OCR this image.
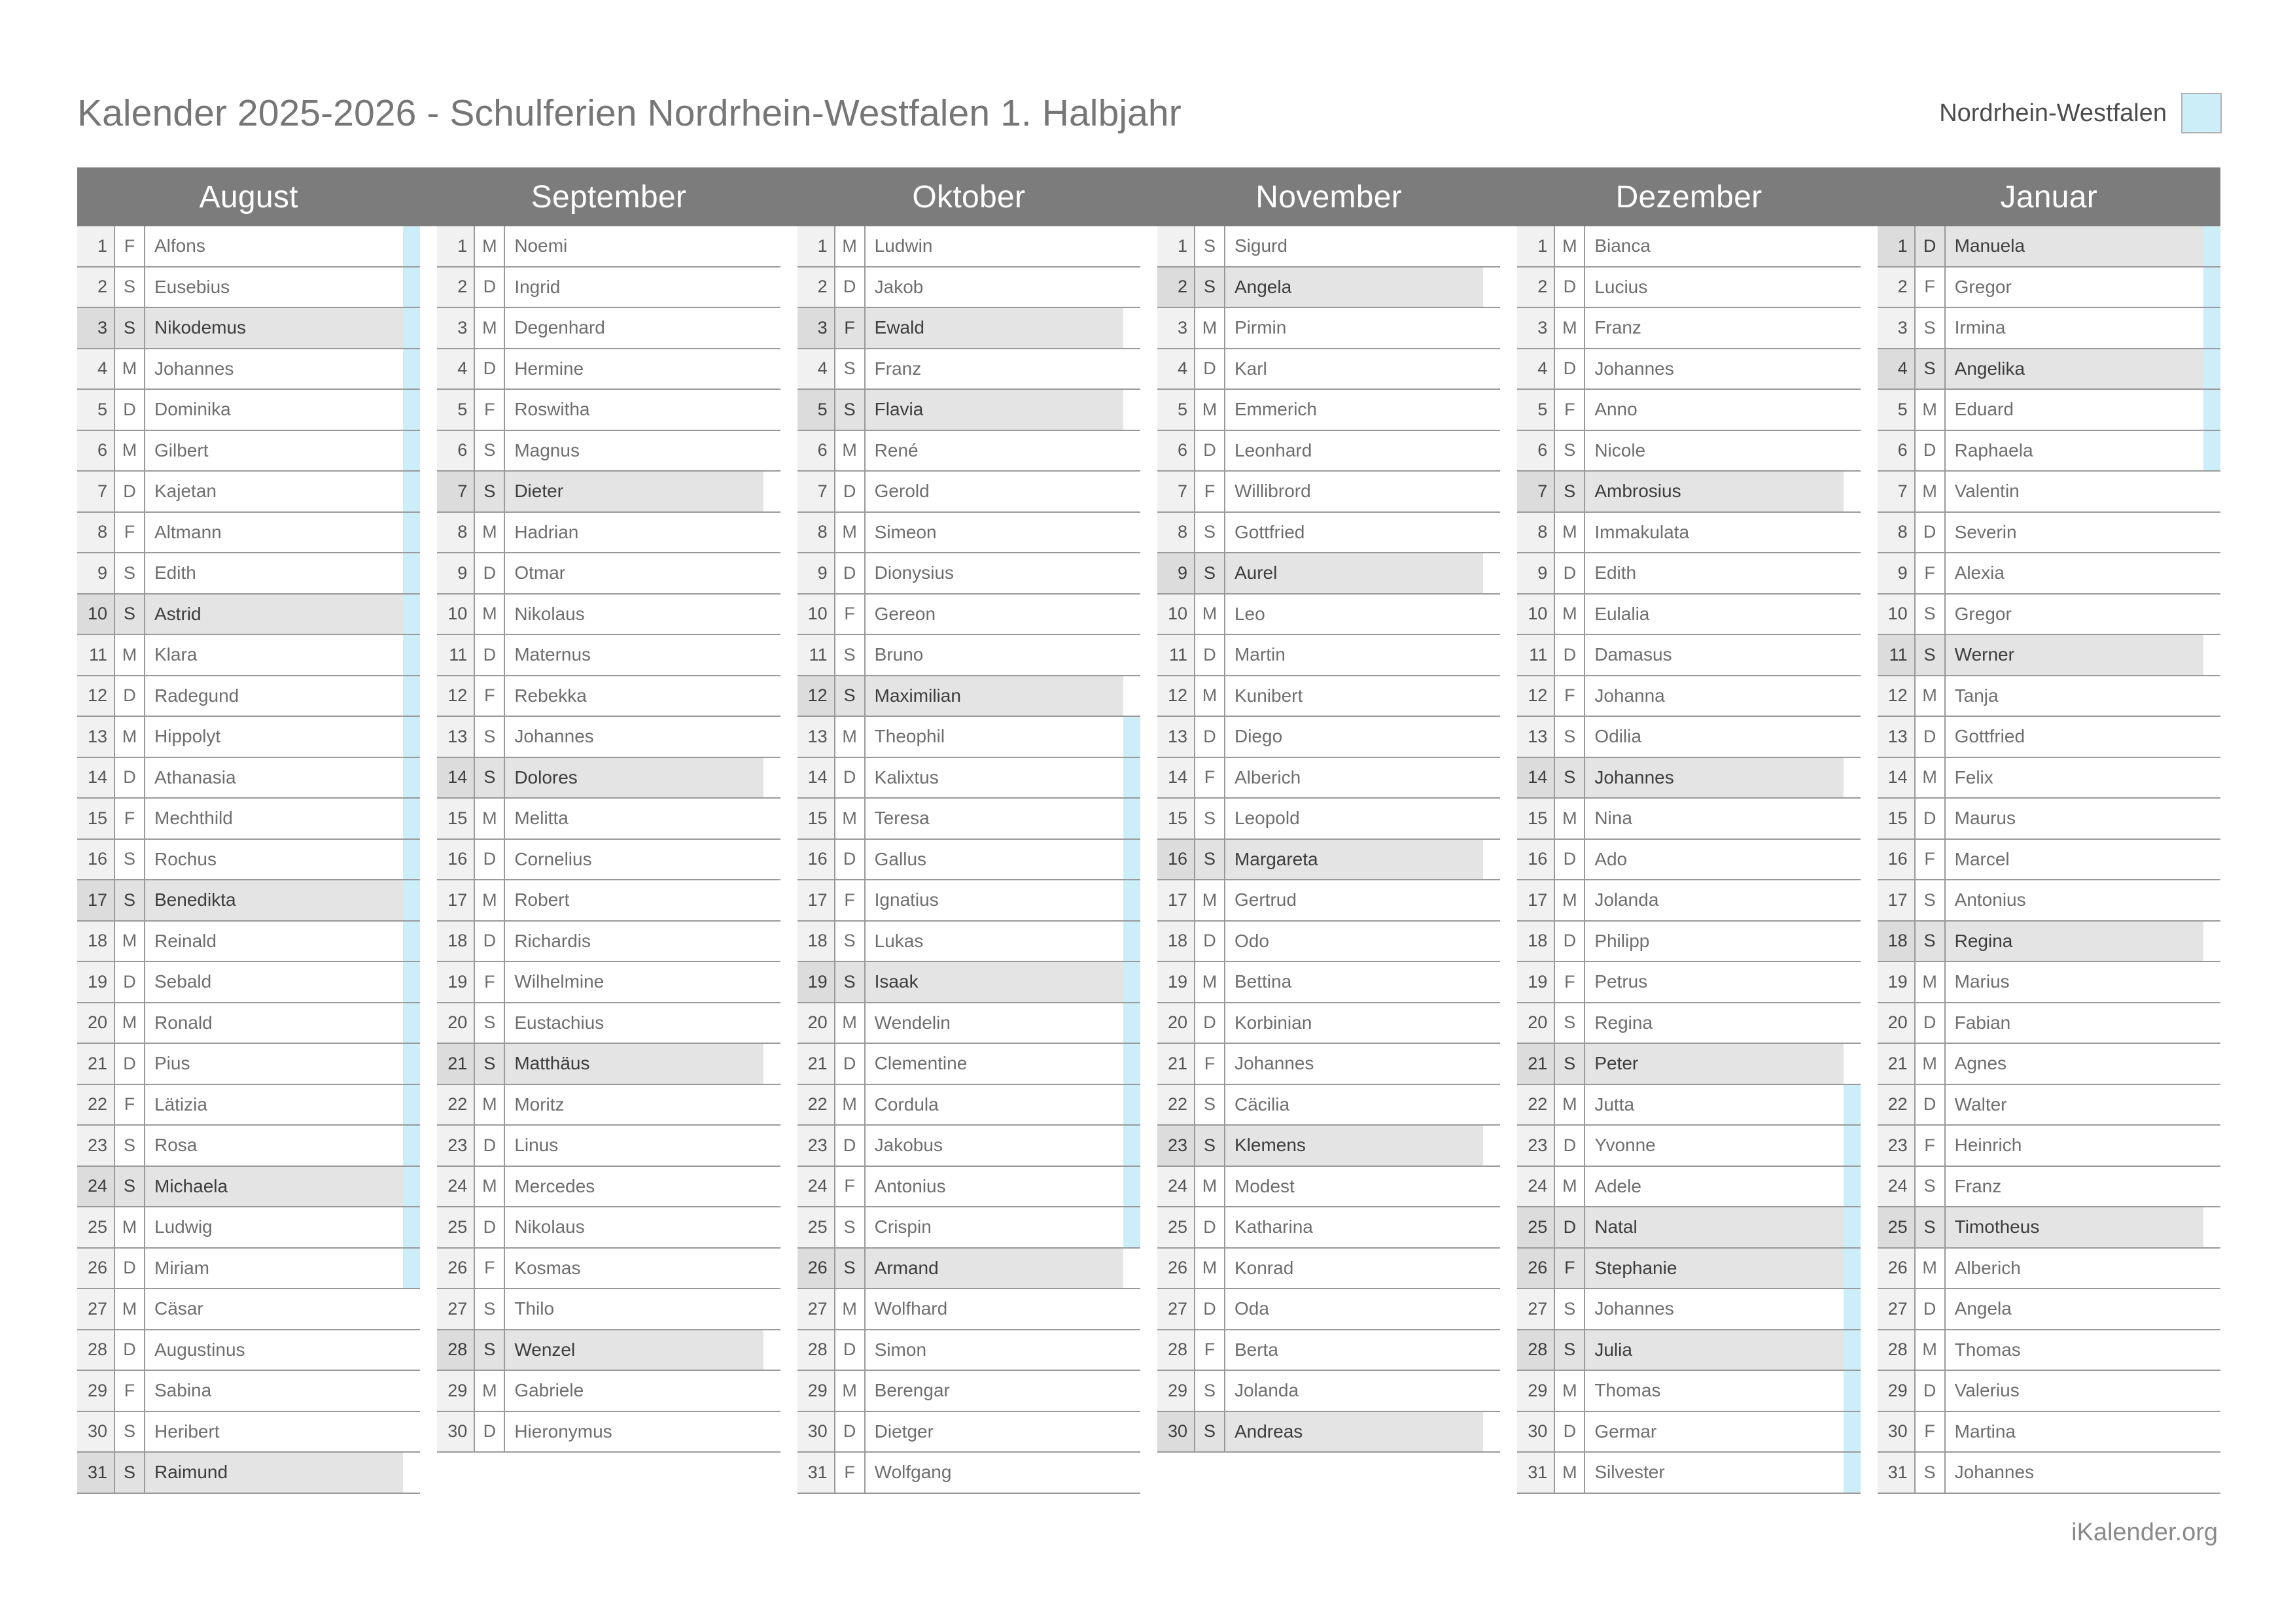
Kalender 2025-2026 - Schulferien Nordrhein-Westfalen 1. Halbjahr	Nordrhein-Westfalen
August
1 F	Alfons
2 S	Eusebius
3 S	Nikodemus
4 M Johannes
5 D	Dominika
6 M Gilbert
7 D	Kajetan
8 F	Altmann
9 S	Edith
10 S	Astrid
11 M Klara
12 D	Radegund
13 M Hippolyt
14 D	Athanasia
15 F	Mechthild
16 S	Rochus
17 S	Benedikta
18 M Reinald
19 D	Sebald
20 M Ronald
21 D	Pius
22 F	Lätizia
23 S	Rosa
24 S	Michaela
25 M Ludwig
26 D	Miriam
27 M Cäsar
28 D	Augustinus
29 F	Sabina
30 S	Heribert
31 S	Raimund
September
1 M Noemi
2 D	Ingrid
3 M Degenhard
4 D	Hermine
5 F	Roswitha
6 S	Magnus
7 S	Dieter
8 M Hadrian
9 D	Otmar
10 M Nikolaus
11 D	Maternus
12 F	Rebekka
13 S	Johannes
14 S	Dolores
15 M Melitta
16 D	Cornelius
17 M Robert
18 D	Richardis
19 F	Wilhelmine
20 S	Eustachius
21 S	Matthäus
22 M Moritz
23 D	Linus
24 M Mercedes
25 D	Nikolaus
26 F	Kosmas
27 S	Thilo
28 S	Wenzel
29 M Gabriele
30 D	Hieronymus
Oktober
1 M Ludwin
2 D	Jakob
3 F	Ewald
4 S	Franz
5 S	Flavia
6 M René
7 D	Gerold
8 M Simeon
9 D	Dionysius
10 F	Gereon
11 S	Bruno
12 S	Maximilian
13 M Theophil
14 D	Kalixtus
15 M Teresa
16 D	Gallus
17 F	Ignatius
18 S	Lukas
19 S	Isaak
20 M Wendelin
21 D	Clementine
22 M Cordula
23 D	Jakobus
24 F	Antonius
25 S	Crispin
26 S	Armand
27 M Wolfhard
28 D	Simon
29 M Berengar
30 D	Dietger
31 F	Wolfgang
November
1 S	Sigurd
2 S	Angela
3 M Pirmin
4 D	Karl
5 M Emmerich
6 D	Leonhard
7 F	Willibrord
8 S	Gottfried
9 S	Aurel
10 M Leo
11 D	Martin
12 M Kunibert
13 D	Diego
14 F	Alberich
15 S	Leopold
16 S	Margareta
17 M Gertrud
18 D	Odo
19 M Bettina
20 D	Korbinian
21 F	Johannes
22 S	Cäcilia
23 S	Klemens
24 M Modest
25 D	Katharina
26 M Konrad
27 D	Oda
28 F	Berta
29 S	Jolanda
30 S	Andreas
Dezember
1 M Bianca
2 D	Lucius
3 M Franz
4 D	Johannes
5 F	Anno
6 S	Nicole
7 S	Ambrosius
8 M Immakulata
9 D	Edith
10 M Eulalia
11 D	Damasus
12 F	Johanna
13 S	Odilia
14 S	Johannes
15 M Nina
16 D	Ado
17 M Jolanda
18 D	Philipp
19 F	Petrus
20 S	Regina
21 S	Peter
22 M Jutta
23 D	Yvonne
24 M Adele
25 D	Natal
26 F	Stephanie
27 S	Johannes
28 S	Julia
29 M Thomas
30 D	Germar
31 M Silvester
Januar
1 D	Manuela
2 F	Gregor
3 S	Irmina
4 S	Angelika
5 M Eduard
6 D	Raphaela
7 M Valentin
8 D	Severin
9 F	Alexia
10 S	Gregor
11 S	Werner
12 M Tanja
13 D	Gottfried
14 M Felix
15 D	Maurus
16 F	Marcel
17 S	Antonius
18 S	Regina
19 M Marius
20 D	Fabian
21 M Agnes
22 D	Walter
23 F	Heinrich
24 S	Franz
25 S	Timotheus
26 M Alberich
27 D	Angela
28 M Thomas
29 D	Valerius
30 F	Martina
31 S	Johannes
iKalender.org
